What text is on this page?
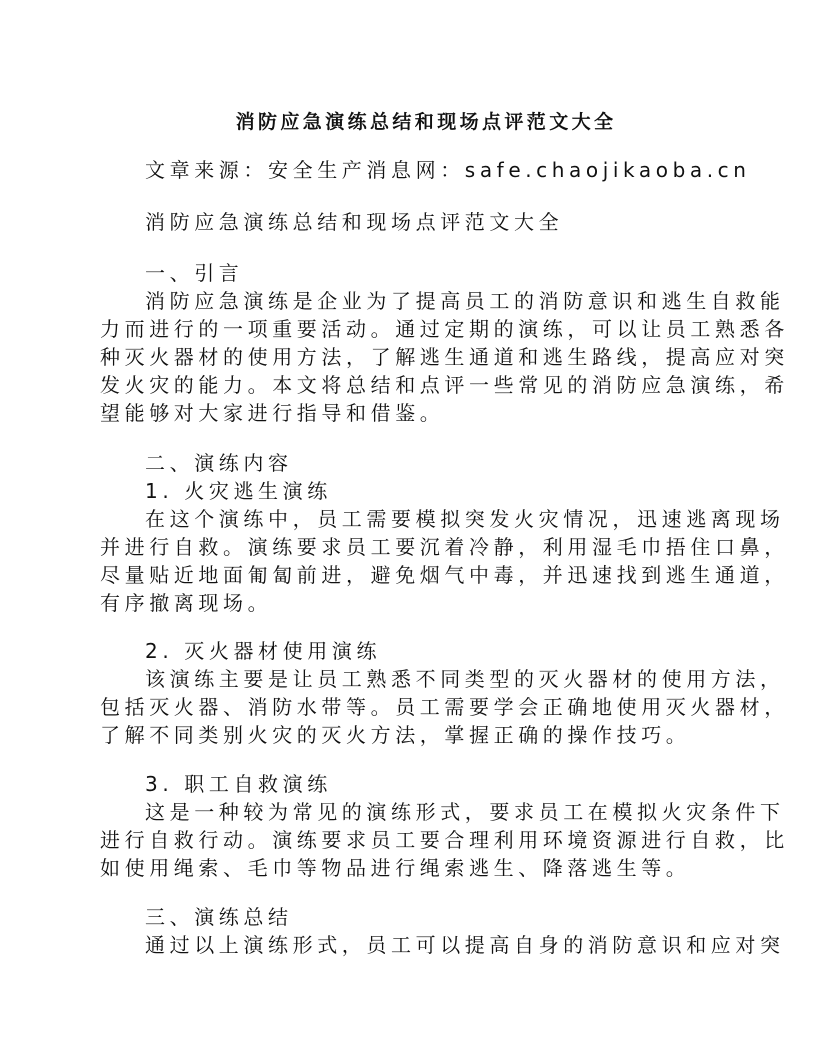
消防应急演练总结和现场点评范文大全
文章来源：安全生产消息网：safe.chaojikaoba.cn
消防应急演练总结和现场点评范文大全
一、引言
消防应急演练是企业为了提高员工的消防意识和逃生自救能
力而进行的一项重要活动。通过定期的演练，可以让员工熟悉各
种灭火器材的使用方法，了解逃生通道和逃生路线，提高应对突
发火灾的能力。本文将总结和点评一些常见的消防应急演练，希
望能够对大家进行指导和借鉴。
二、演练内容
1. 火灾逃生演练
在这个演练中，员工需要模拟突发火灾情况，迅速逃离现场
并进行自救。演练要求员工要沉着冷静，利用湿毛巾捂住口鼻，
尽量贴近地面匍匐前进，避免烟气中毒，并迅速找到逃生通道，
有序撤离现场。
2. 灭火器材使用演练
该演练主要是让员工熟悉不同类型的灭火器材的使用方法，
包括灭火器、消防水带等。员工需要学会正确地使用灭火器材，
了解不同类别火灾的灭火方法，掌握正确的操作技巧。
3. 职工自救演练
这是一种较为常见的演练形式，要求员工在模拟火灾条件下
进行自救行动。演练要求员工要合理利用环境资源进行自救，比
如使用绳索、毛巾等物品进行绳索逃生、降落逃生等。
三、演练总结
通过以上演练形式，员工可以提高自身的消防意识和应对突
